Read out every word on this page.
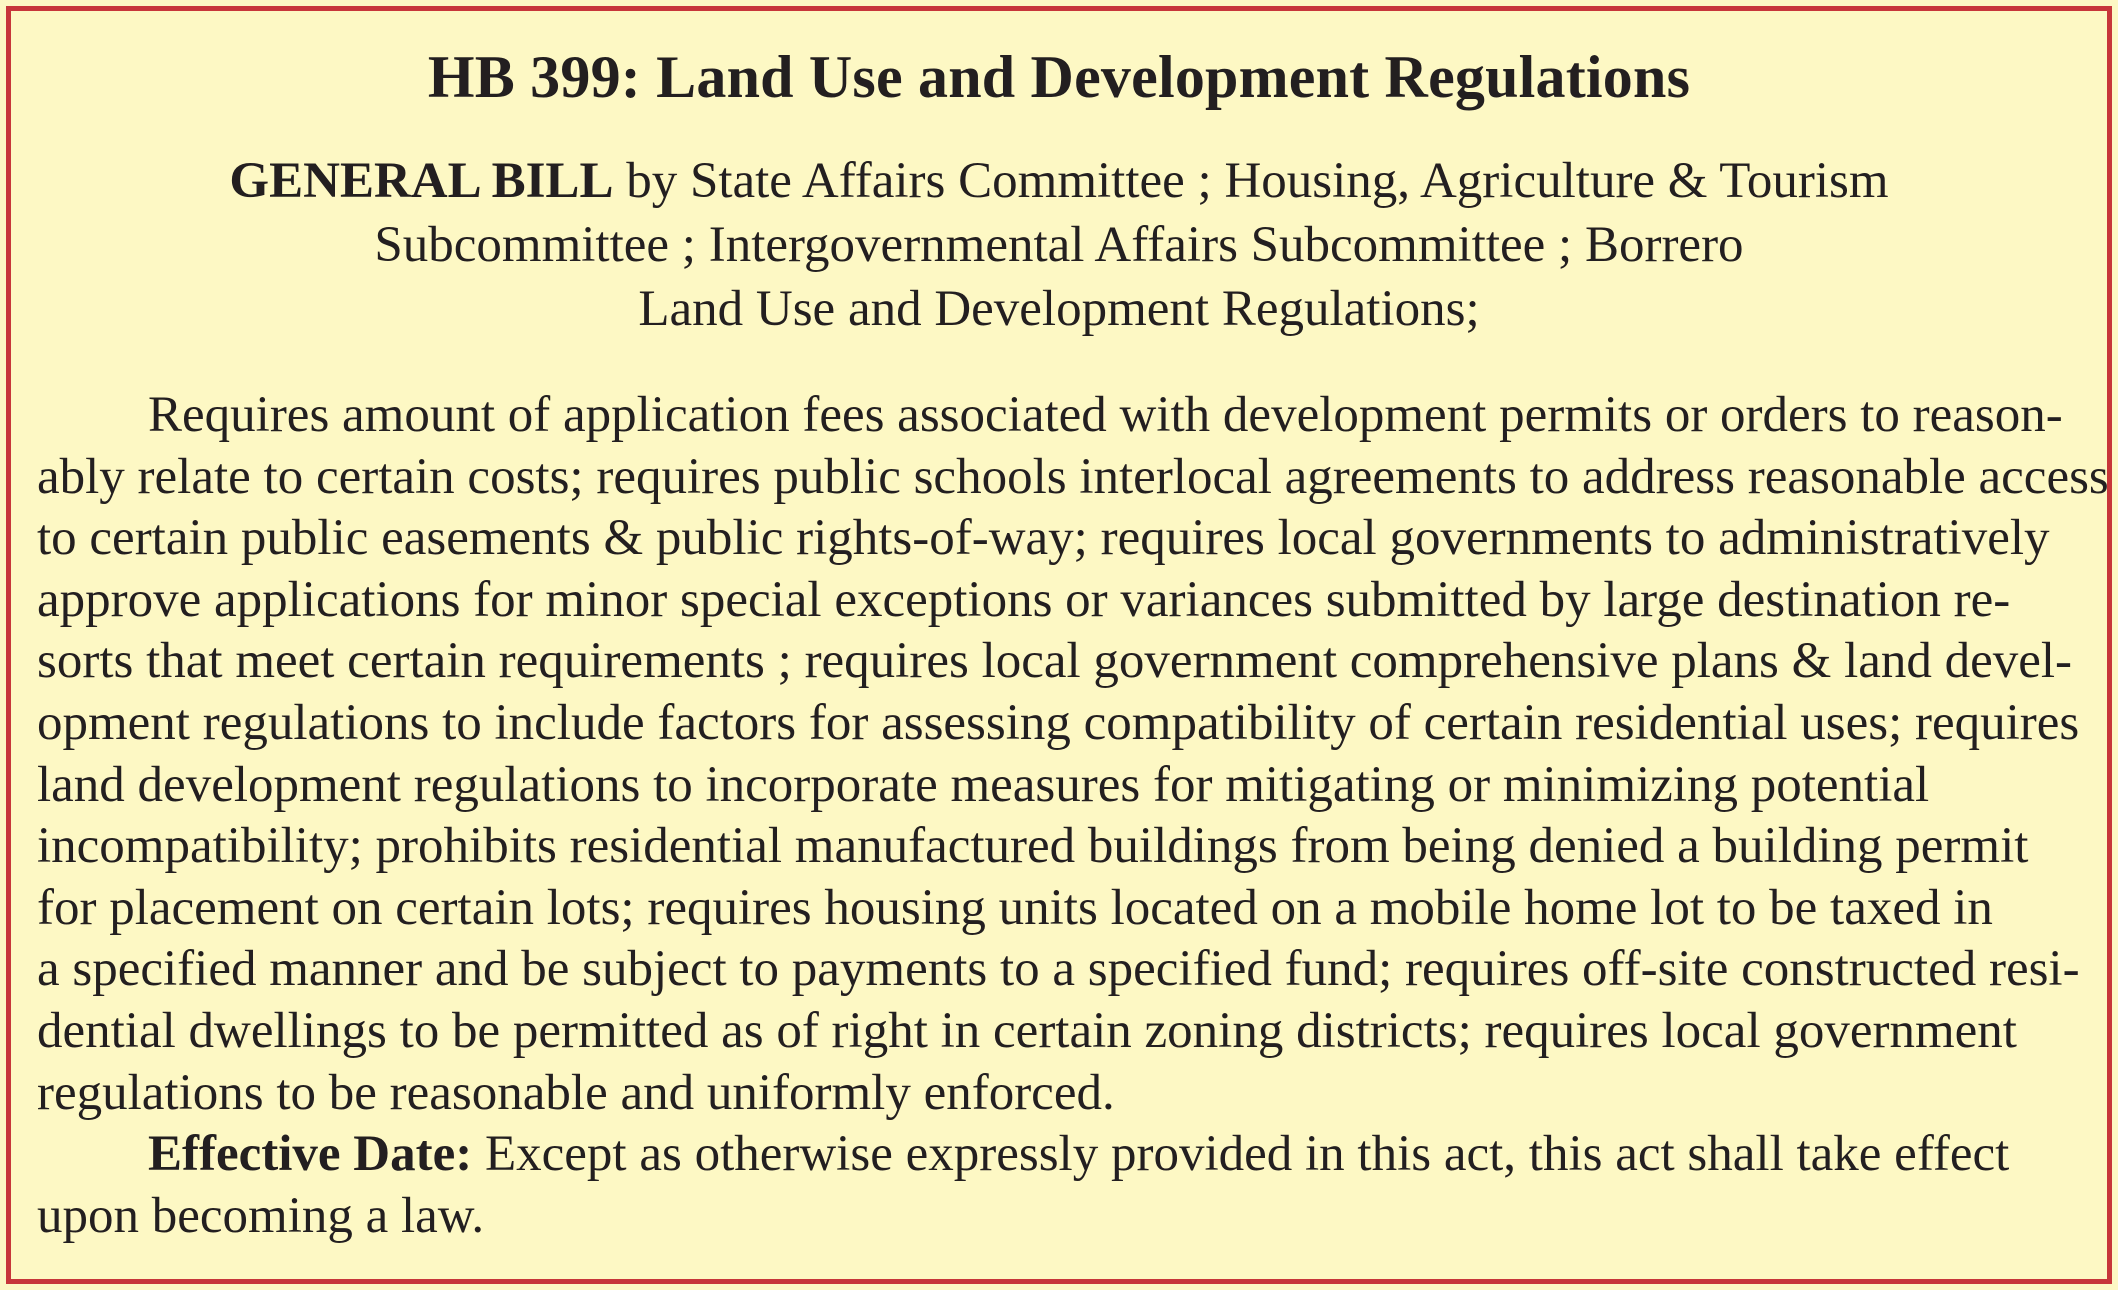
HB 399: Land Use and Development Regulations
GENERAL BILL by State Affairs Committee ; Housing, Agriculture & Tourism
Subcommittee ; Intergovernmental Affairs Subcommittee ; Borrero
Land Use and Development Regulations;
Requires amount of application fees associated with development permits or orders to reason-
ably relate to certain costs; requires public schools interlocal agreements to address reasonable access
to certain public easements & public rights-of-way; requires local governments to administratively
approve applications for minor special exceptions or variances submitted by large destination re-
sorts that meet certain requirements ; requires local government comprehensive plans & land devel-
opment regulations to include factors for assessing compatibility of certain residential uses; requires
land development regulations to incorporate measures for mitigating or minimizing potential
incompatibility; prohibits residential manufactured buildings from being denied a building permit
for placement on certain lots; requires housing units located on a mobile home lot to be taxed in
a specified manner and be subject to payments to a specified fund; requires off-site constructed resi-
dential dwellings to be permitted as of right in certain zoning districts; requires local government
regulations to be reasonable and uniformly enforced.
Effective Date: Except as otherwise expressly provided in this act, this act shall take effect
upon becoming a law.
